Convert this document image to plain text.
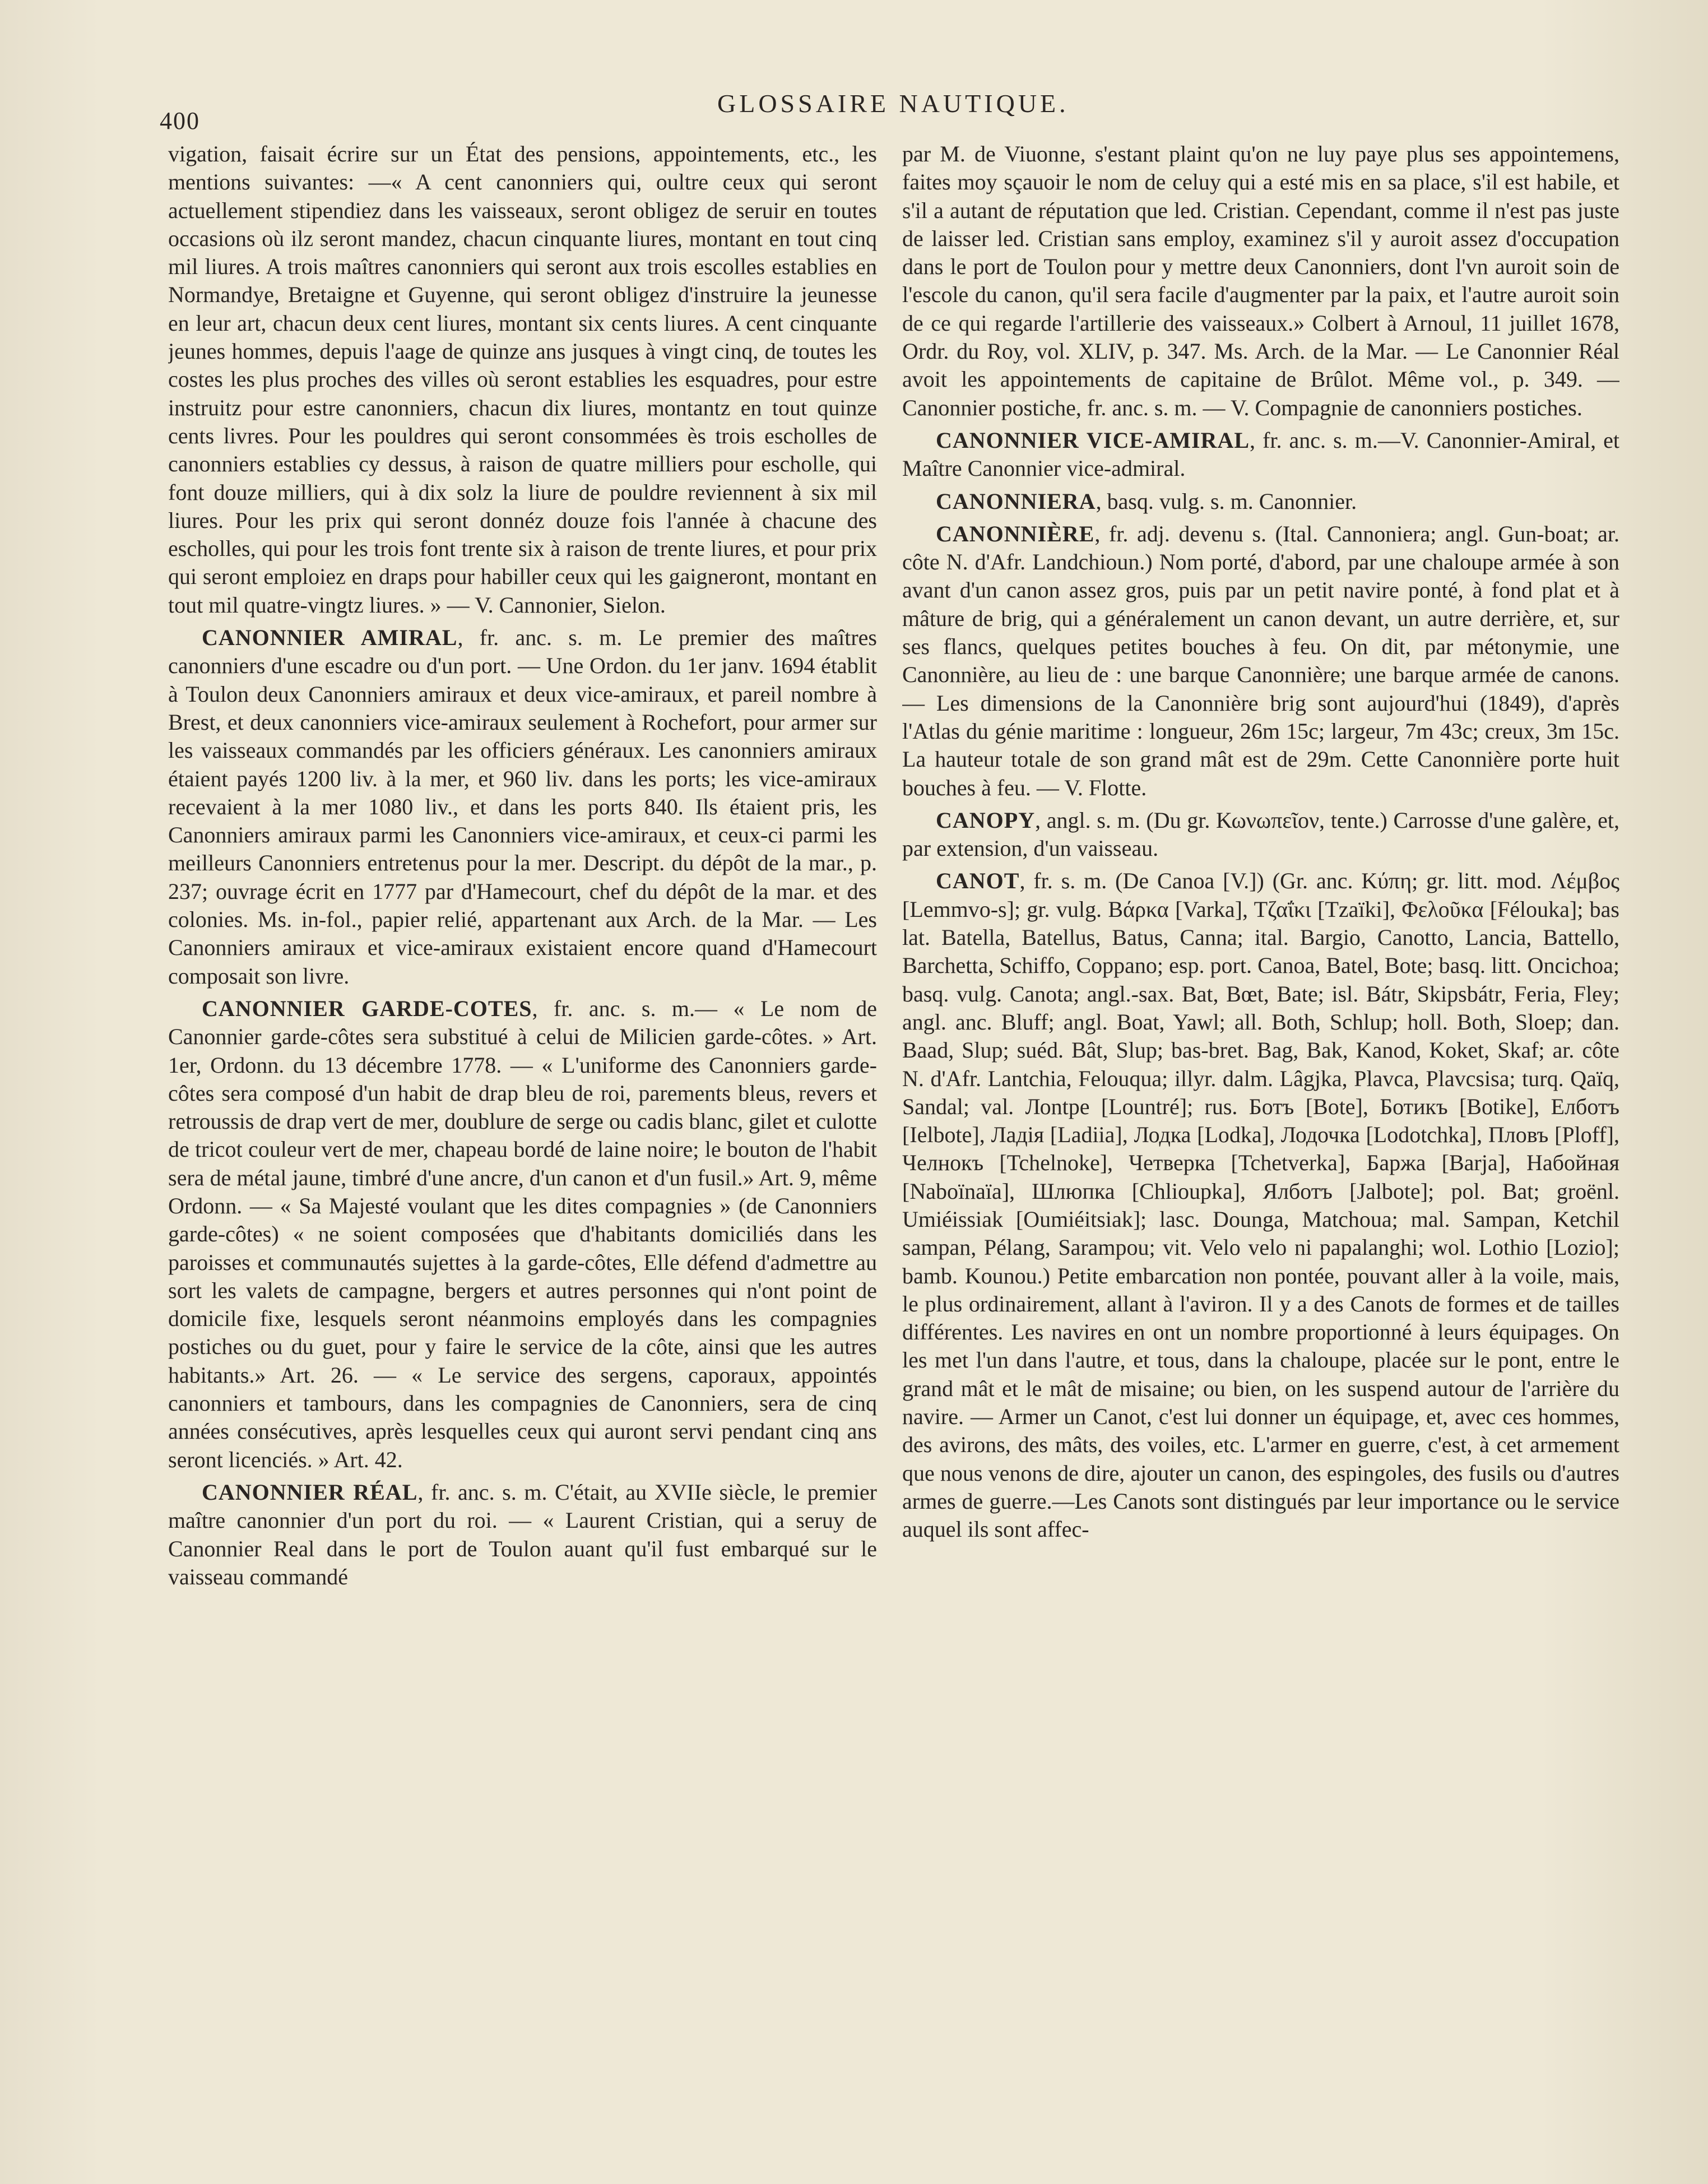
400
GLOSSAIRE NAUTIQUE.

vigation, faisait écrire sur un État des pensions, appointements, etc., les mentions suivantes: —« A cent canonniers qui, oultre ceux qui seront actuellement stipendiez dans les vaisseaux, seront obligez de seruir en toutes occasions où ilz seront mandez, chacun cinquante liures, montant en tout cinq mil liures. A trois maîtres canonniers qui seront aux trois escolles establies en Normandye, Bretaigne et Guyenne, qui seront obligez d'instruire la jeunesse en leur art, chacun deux cent liures, montant six cents liures. A cent cinquante jeunes hommes, depuis l'aage de quinze ans jusques à vingt cinq, de toutes les costes les plus proches des villes où seront establies les esquadres, pour estre instruitz pour estre canonniers, chacun dix liures, montantz en tout quinze cents livres. Pour les pouldres qui seront consommées ès trois escholles de canonniers establies cy dessus, à raison de quatre milliers pour escholle, qui font douze milliers, qui à dix solz la liure de pouldre reviennent à six mil liures. Pour les prix qui seront donnéz douze fois l'année à chacune des escholles, qui pour les trois font trente six à raison de trente liures, et pour prix qui seront emploiez en draps pour habiller ceux qui les gaigneront, montant en tout mil quatre-vingtz liures. » — V. Cannonier, Sielon.

CANONNIER AMIRAL, fr. anc. s. m. Le premier des maîtres canonniers d'une escadre ou d'un port. — Une Ordon. du 1er janv. 1694 établit à Toulon deux Canonniers amiraux et deux vice-amiraux, et pareil nombre à Brest, et deux canonniers vice-amiraux seulement à Rochefort, pour armer sur les vaisseaux commandés par les officiers généraux. Les canonniers amiraux étaient payés 1200 liv. à la mer, et 960 liv. dans les ports; les vice-amiraux recevaient à la mer 1080 liv., et dans les ports 840. Ils étaient pris, les Canonniers amiraux parmi les Canonniers vice-amiraux, et ceux-ci parmi les meilleurs Canonniers entretenus pour la mer. Descript. du dépôt de la mar., p. 237; ouvrage écrit en 1777 par d'Hamecourt, chef du dépôt de la mar. et des colonies. Ms. in-fol., papier relié, appartenant aux Arch. de la Mar. — Les Canonniers amiraux et vice-amiraux existaient encore quand d'Hamecourt composait son livre.

CANONNIER GARDE-COTES, fr. anc. s. m.— « Le nom de Canonnier garde-côtes sera substitué à celui de Milicien garde-côtes. » Art. 1er, Ordonn. du 13 décembre 1778. — « L'uniforme des Canonniers garde-côtes sera composé d'un habit de drap bleu de roi, parements bleus, revers et retroussis de drap vert de mer, doublure de serge ou cadis blanc, gilet et culotte de tricot couleur vert de mer, chapeau bordé de laine noire; le bouton de l'habit sera de métal jaune, timbré d'une ancre, d'un canon et d'un fusil.» Art. 9, même Ordonn. — « Sa Majesté voulant que les dites compagnies » (de Canonniers garde-côtes) « ne soient composées que d'habitants domiciliés dans les paroisses et communautés sujettes à la garde-côtes, Elle défend d'admettre au sort les valets de campagne, bergers et autres personnes qui n'ont point de domicile fixe, lesquels seront néanmoins employés dans les compagnies postiches ou du guet, pour y faire le service de la côte, ainsi que les autres habitants.» Art. 26. — « Le service des sergens, caporaux, appointés canonniers et tambours, dans les compagnies de Canonniers, sera de cinq années consécutives, après lesquelles ceux qui auront servi pendant cinq ans seront licenciés. » Art. 42.

CANONNIER RÉAL, fr. anc. s. m. C'était, au XVIIe siècle, le premier maître canonnier d'un port du roi. — « Laurent Cristian, qui a seruy de Canonnier Real dans le port de Toulon auant qu'il fust embarqué sur le vaisseau commandé

par M. de Viuonne, s'estant plaint qu'on ne luy paye plus ses appointemens, faites moy sçauoir le nom de celuy qui a esté mis en sa place, s'il est habile, et s'il a autant de réputation que led. Cristian. Cependant, comme il n'est pas juste de laisser led. Cristian sans employ, examinez s'il y auroit assez d'occupation dans le port de Toulon pour y mettre deux Canonniers, dont l'vn auroit soin de l'escole du canon, qu'il sera facile d'augmenter par la paix, et l'autre auroit soin de ce qui regarde l'artillerie des vaisseaux.» Colbert à Arnoul, 11 juillet 1678, Ordr. du Roy, vol. XLIV, p. 347. Ms. Arch. de la Mar. — Le Canonnier Réal avoit les appointements de capitaine de Brûlot. Même vol., p. 349. — Canonnier postiche, fr. anc. s. m. — V. Compagnie de canonniers postiches.

CANONNIER VICE-AMIRAL, fr. anc. s. m.—V. Canonnier-Amiral, et Maître Canonnier vice-admiral.

CANONNIERA, basq. vulg. s. m. Canonnier.

CANONNIÈRE, fr. adj. devenu s. (Ital. Cannoniera; angl. Gun-boat; ar. côte N. d'Afr. Landchioun.) Nom porté, d'abord, par une chaloupe armée à son avant d'un canon assez gros, puis par un petit navire ponté, à fond plat et à mâture de brig, qui a généralement un canon devant, un autre derrière, et, sur ses flancs, quelques petites bouches à feu. On dit, par métonymie, une Canonnière, au lieu de : une barque Canonnière; une barque armée de canons. — Les dimensions de la Canonnière brig sont aujourd'hui (1849), d'après l'Atlas du génie maritime : longueur, 26m 15c; largeur, 7m 43c; creux, 3m 15c. La hauteur totale de son grand mât est de 29m. Cette Canonnière porte huit bouches à feu. — V. Flotte.

CANOPY, angl. s. m. (Du gr. Κωνωπεῖον, tente.) Carrosse d'une galère, et, par extension, d'un vaisseau.

CANOT, fr. s. m. (De Canoa [V.]) (Gr. anc. Κύπη; gr. litt. mod. Λέμβος [Lemmvo-s]; gr. vulg. Βάρκα [Varka], Τζαΐκι [Tzaïki], Φελοῦκα [Félouka]; bas lat. Batella, Batellus, Batus, Canna; ital. Bargio, Canotto, Lancia, Battello, Barchetta, Schiffo, Coppano; esp. port. Canoa, Batel, Bote; basq. litt. Oncichoa; basq. vulg. Canota; angl.-sax. Bat, Bœt, Bate; isl. Bátr, Skipsbátr, Feria, Fley; angl. anc. Bluff; angl. Boat, Yawl; all. Both, Schlup; holl. Both, Sloep; dan. Baad, Slup; suéd. Bât, Slup; bas-bret. Bag, Bak, Kanod, Koket, Skaf; ar. côte N. d'Afr. Lantchia, Felouqua; illyr. dalm. Lâgjka, Plavca, Plavcsisa; turq. Qaïq, Sandal; val. Лоntре [Lountré]; rus. Ботъ [Bote], Ботикъ [Botike], Елботъ [Ielbote], Ладiя [Ladiia], Лодка [Lodka], Лодочка [Lodotchka], Пловъ [Ploff], Челнокъ [Tchelnoke], Четверка [Tchetverka], Баржа [Barja], Набойная [Naboïnaïa], Шлюпка [Chlioupka], Ялботъ [Jalbote]; pol. Bat; groënl. Umiéissiak [Oumiéitsiak]; lasc. Dounga, Matchoua; mal. Sampan, Ketchil sampan, Pélang, Sarampou; vit. Velo velo ni papalanghi; wol. Lothio [Lozio]; bamb. Kounou.) Petite embarcation non pontée, pouvant aller à la voile, mais, le plus ordinairement, allant à l'aviron. Il y a des Canots de formes et de tailles différentes. Les navires en ont un nombre proportionné à leurs équipages. On les met l'un dans l'autre, et tous, dans la chaloupe, placée sur le pont, entre le grand mât et le mât de misaine; ou bien, on les suspend autour de l'arrière du navire. — Armer un Canot, c'est lui donner un équipage, et, avec ces hommes, des avirons, des mâts, des voiles, etc. L'armer en guerre, c'est, à cet armement que nous venons de dire, ajouter un canon, des espingoles, des fusils ou d'autres armes de guerre.—Les Canots sont distingués par leur importance ou le service auquel ils sont affec-
